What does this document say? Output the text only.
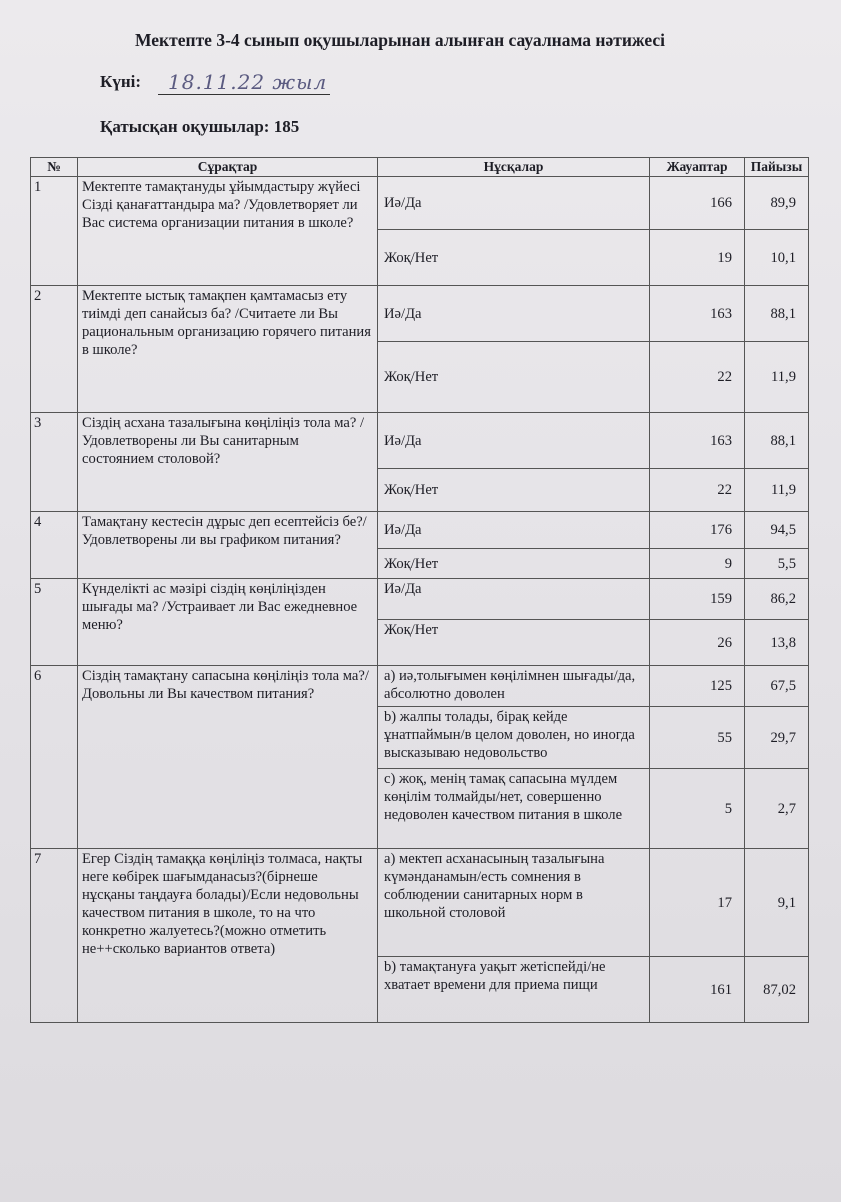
Мектепте 3-4 сынып оқушыларынан алынған сауалнама нәтижесі
Күні: 18.11.22 жыл
Қатысқан оқушылар: 185
№	Сұрақтар	Нұсқалар	Жауаптар	Пайызы
1	Мектепте тамақтануды ұйымдастыру жүйесі Сізді қанағаттандыра ма? /Удовлетворяет ли Вас система организации питания в школе?	Иә/Да	166	89,9
		Жоқ/Нет	19	10,1
2	Мектепте ыстық тамақпен қамтамасыз ету тиімді деп санайсыз ба? /Считаете ли Вы рациональным организацию горячего питания в школе?	Иә/Да	163	88,1
		Жоқ/Нет	22	11,9
3	Сіздің асхана тазалығына көңіліңіз тола ма? /Удовлетворены ли Вы санитарным состоянием столовой?	Иә/Да	163	88,1
		Жоқ/Нет	22	11,9
4	Тамақтану кестесін дұрыс деп есептейсіз бе?/Удовлетворены ли вы графиком питания?	Иә/Да	176	94,5
		Жоқ/Нет	9	5,5
5	Күнделікті ас мәзірі сіздің көңіліңізден шығады ма? /Устраивает ли Вас ежедневное меню?	Иә/Да	159	86,2
		Жоқ/Нет	26	13,8
6	Сіздің тамақтану сапасына көңіліңіз тола ма?/Довольны ли Вы качеством питания?	а) иә,толығымен көңілімнен шығады/да, абсолютно доволен	125	67,5
		b) жалпы толады, бірақ кейде ұнатпаймын/в целом доволен, но иногда высказываю недовольство	55	29,7
		c) жоқ, менің тамақ сапасына мүлдем көңілім толмайды/нет, совершенно недоволен качеством питания в школе	5	2,7
7	Егер Сіздің тамаққа көңіліңіз толмаса, нақты неге көбірек шағымданасыз?(бірнеше нұсқаны таңдауға болады)/Если недовольны качеством питания в школе, то на что конкретно жалуетесь?(можно отметить не++сколько вариантов ответа)	а) мектеп асханасының тазалығына күмәнданамын/есть сомнения в соблюдении санитарных норм в школьной столовой	17	9,1
		b) тамақтануға уақыт жетіспейді/не хватает времени для приема пищи	161	87,02
